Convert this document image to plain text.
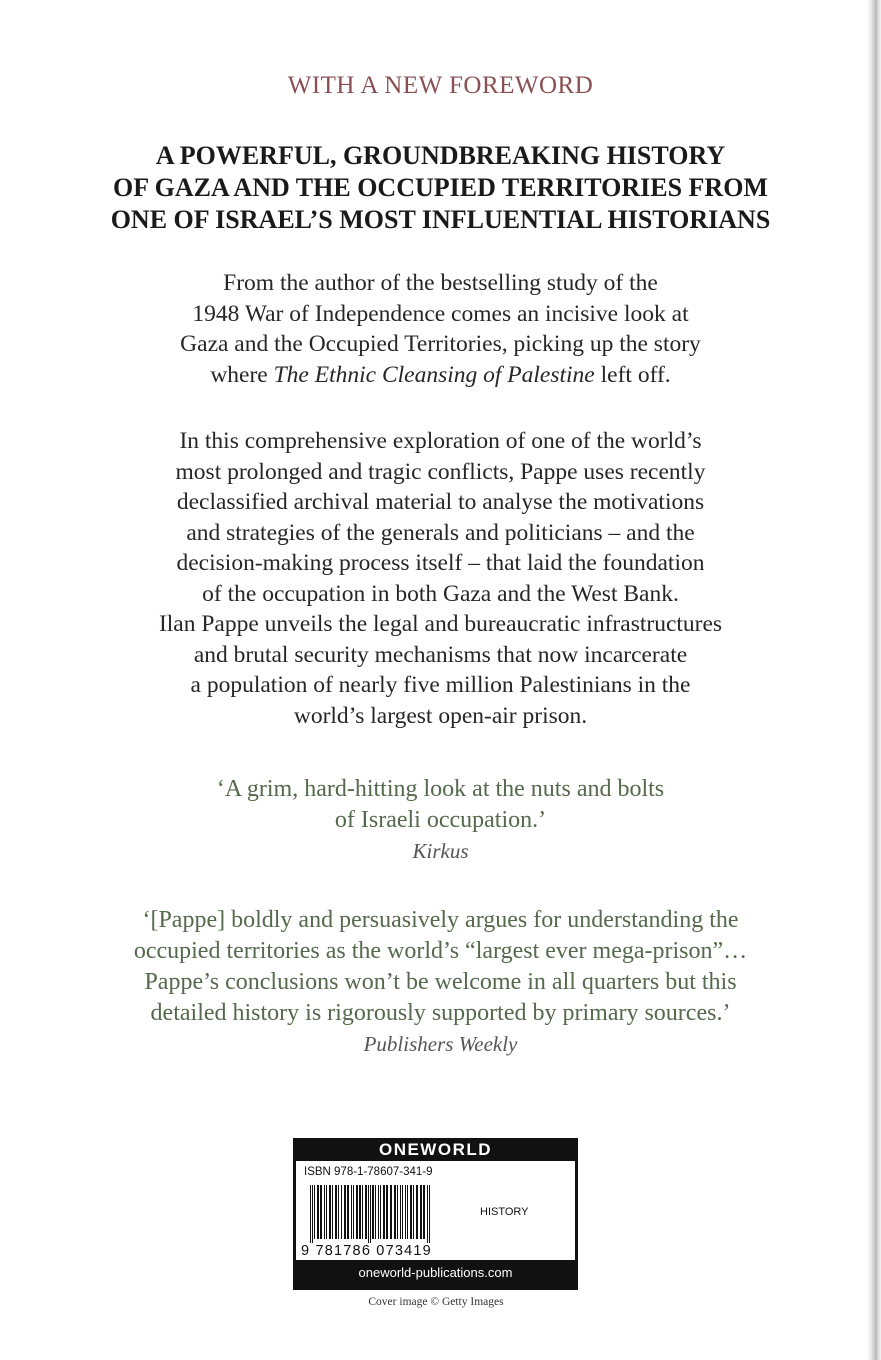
WITH A NEW FOREWORD
A POWERFUL, GROUNDBREAKING HISTORY
OF GAZA AND THE OCCUPIED TERRITORIES FROM
ONE OF ISRAEL’S MOST INFLUENTIAL HISTORIANS
From the author of the bestselling study of the
1948 War of Independence comes an incisive look at
Gaza and the Occupied Territories, picking up the story
where The Ethnic Cleansing of Palestine left off.
In this comprehensive exploration of one of the world’s
most prolonged and tragic conflicts, Pappe uses recently
declassified archival material to analyse the motivations
and strategies of the generals and politicians – and the
decision-making process itself – that laid the foundation
of the occupation in both Gaza and the West Bank.
Ilan Pappe unveils the legal and bureaucratic infrastructures
and brutal security mechanisms that now incarcerate
a population of nearly five million Palestinians in the
world’s largest open-air prison.
‘A grim, hard-hitting look at the nuts and bolts
of Israeli occupation.’
Kirkus
‘[Pappe] boldly and persuasively argues for understanding the
occupied territories as the world’s “largest ever mega-prison”…
Pappe’s conclusions won’t be welcome in all quarters but this
detailed history is rigorously supported by primary sources.’
Publishers Weekly
ONEWORLD
ISBN 978-1-78607-341-9
HISTORY
9 781786 073419
oneworld-publications.com
Cover image © Getty Images
